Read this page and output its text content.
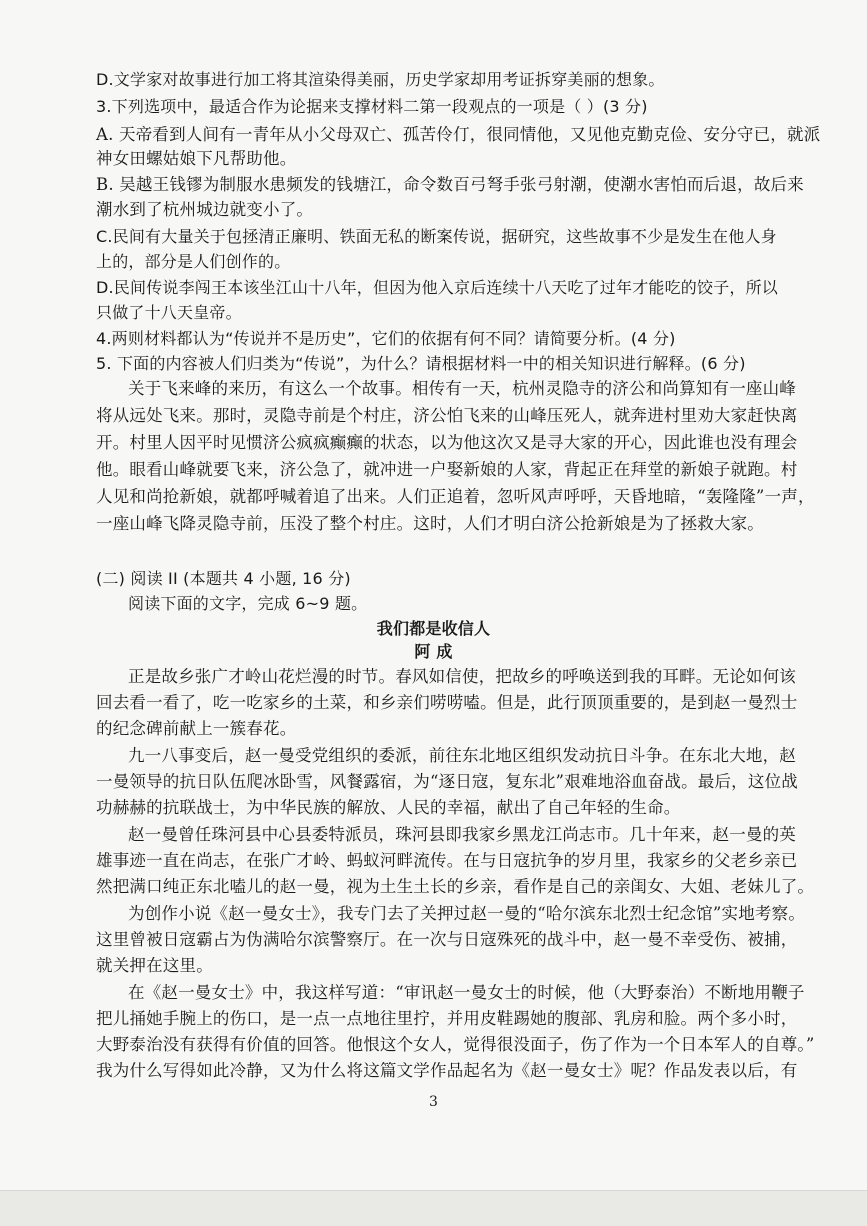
D.文学家对故事进行加工将其渲染得美丽，历史学家却用考证拆穿美丽的想象。
3.下列选项中，最适合作为论据来支撑材料二第一段观点的一项是（ ）(3 分)
A. 天帝看到人间有一青年从小父母双亡、孤苦伶仃，很同情他，又见他克勤克俭、安分守已，就派
神女田螺姑娘下凡帮助他。
B. 吴越王钱镠为制服水患频发的钱塘江，命令数百弓弩手张弓射潮，使潮水害怕而后退，故后来
潮水到了杭州城边就变小了。
C.民间有大量关于包拯清正廉明、铁面无私的断案传说，据研究，这些故事不少是发生在他人身
上的，部分是人们创作的。
D.民间传说李闯王本该坐江山十八年，但因为他入京后连续十八天吃了过年才能吃的饺子，所以
只做了十八天皇帝。
4.两则材料都认为“传说并不是历史”，它们的依据有何不同？请简要分析。(4 分)
5. 下面的内容被人们归类为“传说”，为什么？请根据材料一中的相关知识进行解释。(6 分)
关于飞来峰的来历，有这么一个故事。相传有一天，杭州灵隐寺的济公和尚算知有一座山峰
将从远处飞来。那时，灵隐寺前是个村庄，济公怕飞来的山峰压死人，就奔进村里劝大家赶快离
开。村里人因平时见惯济公疯疯癫癫的状态，以为他这次又是寻大家的开心，因此谁也没有理会
他。眼看山峰就要飞来，济公急了，就冲进一户娶新娘的人家，背起正在拜堂的新娘子就跑。村
人见和尚抢新娘，就都呼喊着追了出来。人们正追着，忽听风声呼呼，天昏地暗，“轰隆隆”一声，
一座山峰飞降灵隐寺前，压没了整个村庄。这时，人们才明白济公抢新娘是为了拯救大家。
(二) 阅读 II (本题共 4 小题, 16 分)
阅读下面的文字，完成 6~9 题。
我们都是收信人
阿 成
正是故乡张广才岭山花烂漫的时节。春风如信使，把故乡的呼唤送到我的耳畔。无论如何该
回去看一看了，吃一吃家乡的土菜，和乡亲们唠唠嗑。但是，此行顶顶重要的，是到赵一曼烈士
的纪念碑前献上一簇春花。
九一八事变后，赵一曼受党组织的委派，前往东北地区组织发动抗日斗争。在东北大地，赵
一曼领导的抗日队伍爬冰卧雪，风餐露宿，为“逐日寇，复东北”艰难地浴血奋战。最后，这位战
功赫赫的抗联战士，为中华民族的解放、人民的幸福，献出了自己年轻的生命。
赵一曼曾任珠河县中心县委特派员，珠河县即我家乡黑龙江尚志市。几十年来，赵一曼的英
雄事迹一直在尚志，在张广才岭、蚂蚁河畔流传。在与日寇抗争的岁月里，我家乡的父老乡亲已
然把满口纯正东北嗑儿的赵一曼，视为土生土长的乡亲，看作是自己的亲闺女、大姐、老妹儿了。
为创作小说《赵一曼女士》，我专门去了关押过赵一曼的“哈尔滨东北烈士纪念馆”实地考察。
这里曾被日寇霸占为伪满哈尔滨警察厅。在一次与日寇殊死的战斗中，赵一曼不幸受伤、被捕，
就关押在这里。
在《赵一曼女士》中，我这样写道：“审讯赵一曼女士的时候，他（大野泰治）不断地用鞭子
把儿捅她手腕上的伤口，是一点一点地往里拧，并用皮鞋踢她的腹部、乳房和脸。两个多小时，
大野泰治没有获得有价值的回答。他恨这个女人，觉得很没面子，伤了作为一个日本军人的自尊。”
我为什么写得如此冷静，又为什么将这篇文学作品起名为《赵一曼女士》呢？作品发表以后，有
3
